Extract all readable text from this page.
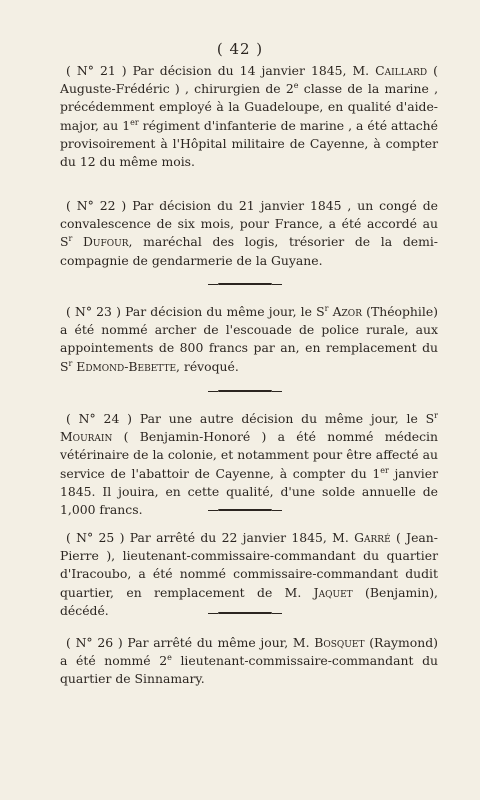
( 42 )
( N° 21 ) Par décision du 14 janvier 1845, M. Caillard ( Auguste-Frédéric ) , chirurgien de 2e classe de la marine , précédemment employé à la Guadeloupe, en qualité d'aide-major, au 1er régiment d'infanterie de marine , a été attaché provisoirement à l'Hôpital militaire de Cayenne, à compter du 12 du même mois.
( N° 22 ) Par décision du 21 janvier 1845 , un congé de convalescence de six mois, pour France, a été accordé au $S^r$ Dufour, maréchal des logis, trésorier de la demi-compagnie de gendarmerie de la Guyane.
( N° 23 ) Par décision du même jour, le $S^r$ Azor (Théophile) a été nommé archer de l'escouade de police rurale, aux appointements de 800 francs par an, en remplacement du $S^r$ Edmond-Bebette, révoqué.
( N° 24 ) Par une autre décision du même jour, le $S^r$ Mourain ( Benjamin-Honoré ) a été nommé médecin vétérinaire de la colonie, et notamment pour être affecté au service de l'abattoir de Cayenne, à compter du 1er janvier 1845. Il jouira, en cette qualité, d'une solde annuelle de 1,000 francs.
( N° 25 ) Par arrêté du 22 janvier 1845, M. Garré ( Jean-Pierre ), lieutenant-commissaire-commandant du quartier d'Iracoubo, a été nommé commissaire-commandant dudit quartier, en remplacement de M. Jaquet (Benjamin), décédé.
( N° 26 ) Par arrêté du même jour, M. Bosquet (Raymond) a été nommé 2e lieutenant-commissaire-commandant du quartier de Sinnamary.
